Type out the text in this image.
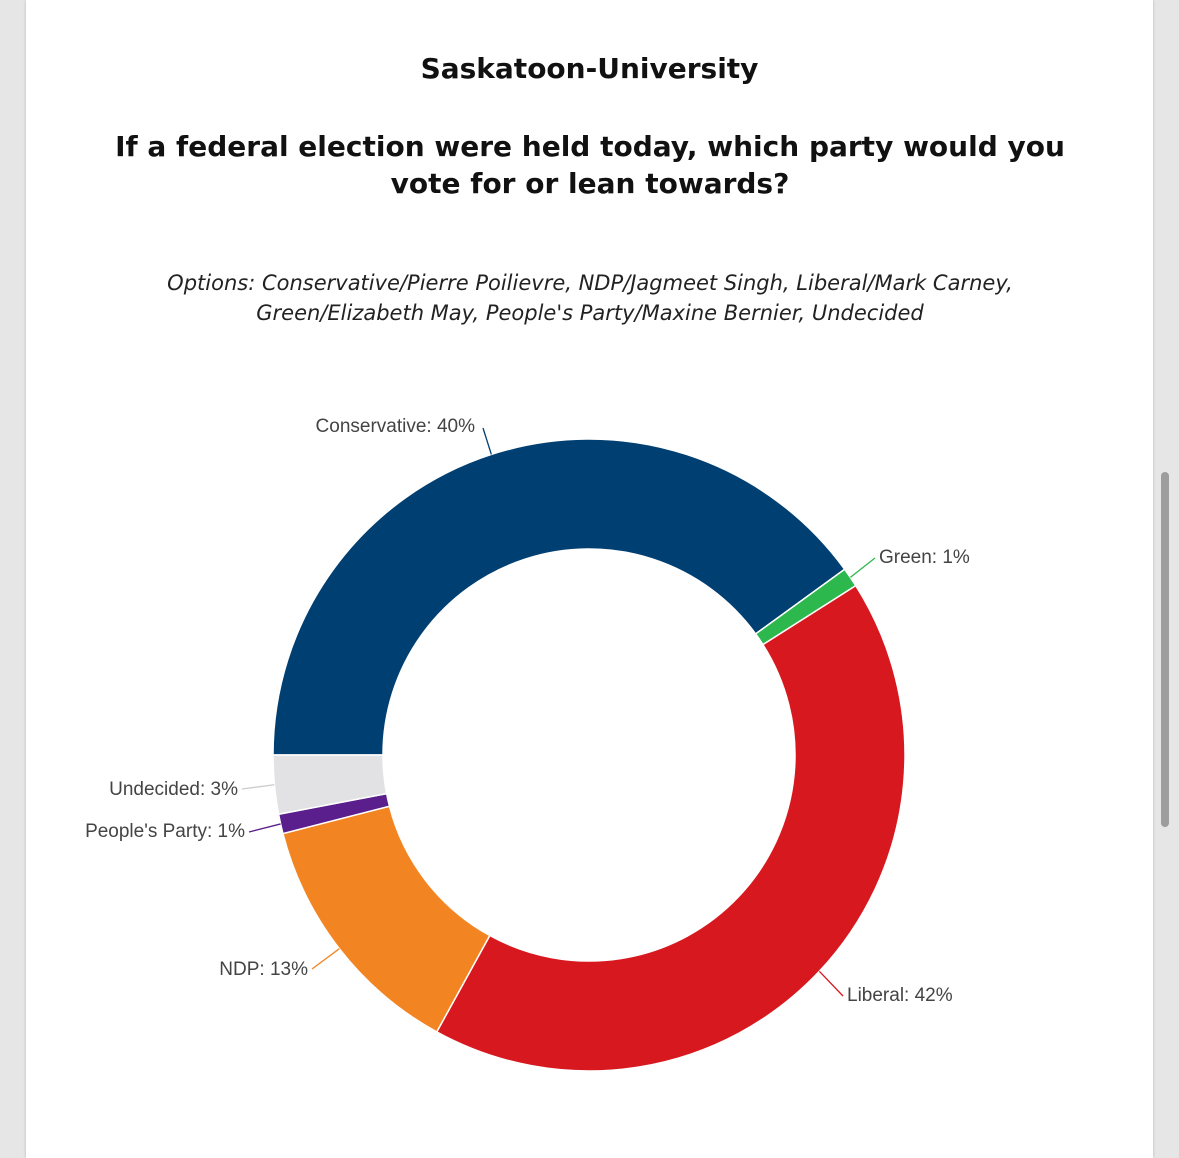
Saskatoon-University
If a federal election were held today, which party would you vote for or lean towards?
Options: Conservative/Pierre Poilievre, NDP/Jagmeet Singh, Liberal/Mark Carney, Green/Elizabeth May, People's Party/Maxine Bernier, Undecided
Conservative: 40%
Green: 1%
Liberal: 42%
NDP: 13%
People's Party: 1%
Undecided: 3%
